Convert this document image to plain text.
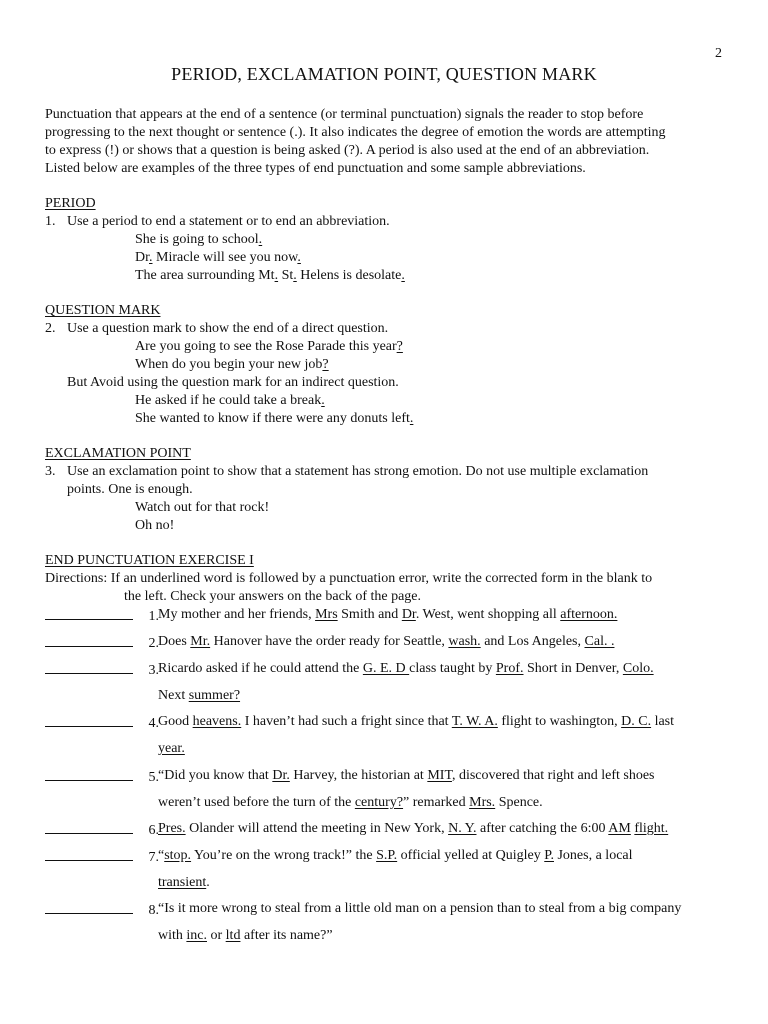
2
PERIOD, EXCLAMATION POINT, QUESTION MARK
Punctuation that appears at the end of a sentence (or terminal punctuation) signals the reader to stop before
progressing to the next thought or sentence (.). It also indicates the degree of emotion the words are attempting
to express (!) or shows that a question is being asked (?). A period is also used at the end of an abbreviation.
Listed below are examples of the three types of end punctuation and some sample abbreviations.
PERIOD
1. Use a period to end a statement or to end an abbreviation.
She is going to school.
Dr. Miracle will see you now.
The area surrounding Mt. St. Helens is desolate.
QUESTION MARK
2. Use a question mark to show the end of a direct question.
Are you going to see the Rose Parade this year?
When do you begin your new job?
But Avoid using the question mark for an indirect question.
He asked if he could take a break.
She wanted to know if there were any donuts left.
EXCLAMATION POINT
3. Use an exclamation point to show that a statement has strong emotion. Do not use multiple exclamation
points. One is enough.
Watch out for that rock!
Oh no!
END PUNCTUATION EXERCISE I
Directions: If an underlined word is followed by a punctuation error, write the corrected form in the blank to
the left. Check your answers on the back of the page.
1. My mother and her friends, Mrs Smith and Dr. West, went shopping all afternoon.
2. Does Mr. Hanover have the order ready for Seattle, wash. and Los Angeles, Cal. .
3. Ricardo asked if he could attend the G. E. D class taught by Prof. Short in Denver, Colo.
Next summer?
4. Good heavens. I haven’t had such a fright since that T. W. A. flight to washington, D. C. last
year.
5. “Did you know that Dr. Harvey, the historian at MIT, discovered that right and left shoes
weren’t used before the turn of the century?” remarked Mrs. Spence.
6. Pres. Olander will attend the meeting in New York, N. Y. after catching the 6:00 AM flight.
7. “stop. You’re on the wrong track!” the S.P. official yelled at Quigley P. Jones, a local
transient.
8. “Is it more wrong to steal from a little old man on a pension than to steal from a big company
with inc. or ltd after its name?”
